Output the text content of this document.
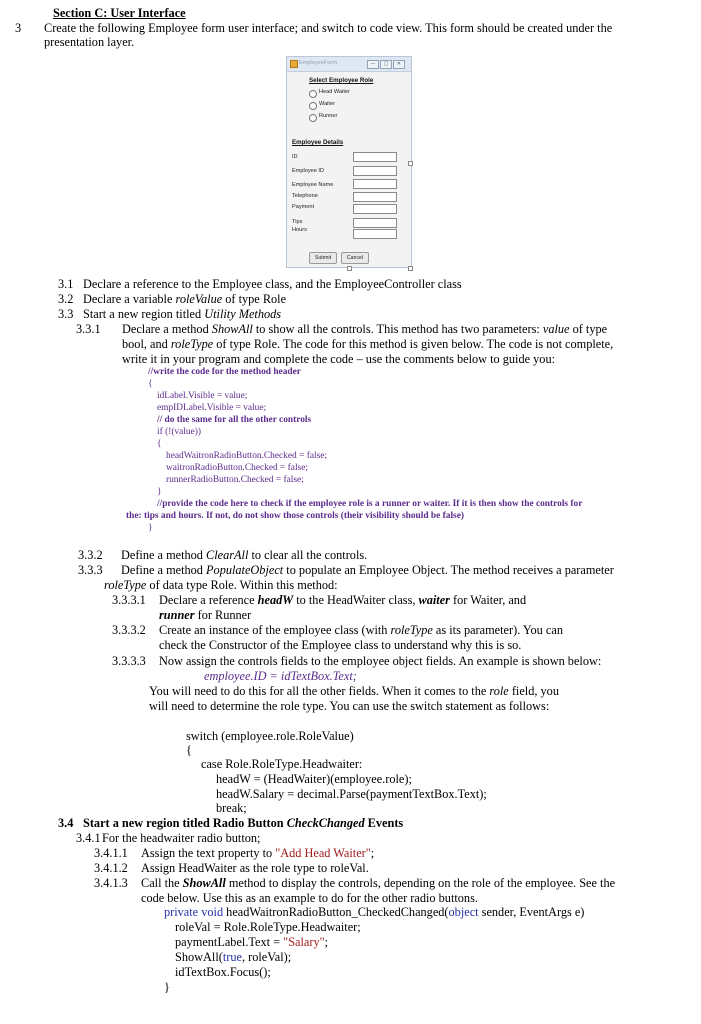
Section C: User Interface
3 Create the following Employee form user interface; and switch to code view. This form should be created under the
presentation layer.
EmployeeForm	—	□	✕
Select Employee Role
Head Waiter
Waiter
Runner
Employee Details
ID
Employee ID
Employee Name
Telephone
Payment
Tips
Hours
Submit	Cancel
3.1 Declare a reference to the Employee class, and the EmployeeController class
3.2 Declare a variable roleValue of type Role
3.3 Start a new region titled Utility Methods
3.3.1 Declare a method ShowAll to show all the controls. This method has two parameters: value of type
bool, and roleType of type Role. The code for this method is given below. The code is not complete,
write it in your program and complete the code – use the comments below to guide you:
//write the code for the method header
{
idLabel.Visible = value;
empIDLabel.Visible = value;
// do the same for all the other controls
if (!(value))
{
headWaitronRadioButton.Checked = false;
waitronRadioButton.Checked = false;
runnerRadioButton.Checked = false;
}
//provide the code here to check if the employee role is a runner or waiter. If it is then show the controls for
the: tips and hours. If not, do not show those controls (their visibility should be false)
}
3.3.2 Define a method ClearAll to clear all the controls.
3.3.3 Define a method PopulateObject to populate an Employee Object. The method receives a parameter
roleType of data type Role. Within this method:
3.3.3.1 Declare a reference headW to the HeadWaiter class, waiter for Waiter, and
runner for Runner
3.3.3.2 Create an instance of the employee class (with roleType as its parameter). You can
check the Constructor of the Employee class to understand why this is so.
3.3.3.3 Now assign the controls fields to the employee object fields. An example is shown below:
employee.ID = idTextBox.Text;
You will need to do this for all the other fields. When it comes to the role field, you
will need to determine the role type. You can use the switch statement as follows:
switch (employee.role.RoleValue)
{
case Role.RoleType.Headwaiter:
headW = (HeadWaiter)(employee.role);
headW.Salary = decimal.Parse(paymentTextBox.Text);
break;
3.4 Start a new region titled Radio Button CheckChanged Events
3.4.1 For the headwaiter radio button;
3.4.1.1 Assign the text property to "Add Head Waiter";
3.4.1.2 Assign HeadWaiter as the role type to roleVal.
3.4.1.3 Call the ShowAll method to display the controls, depending on the role of the employee. See the
code below. Use this as an example to do for the other radio buttons.
private void headWaitronRadioButton_CheckedChanged(object sender, EventArgs e)
roleVal = Role.RoleType.Headwaiter;
paymentLabel.Text = "Salary";
ShowAll(true, roleVal);
idTextBox.Focus();
}
